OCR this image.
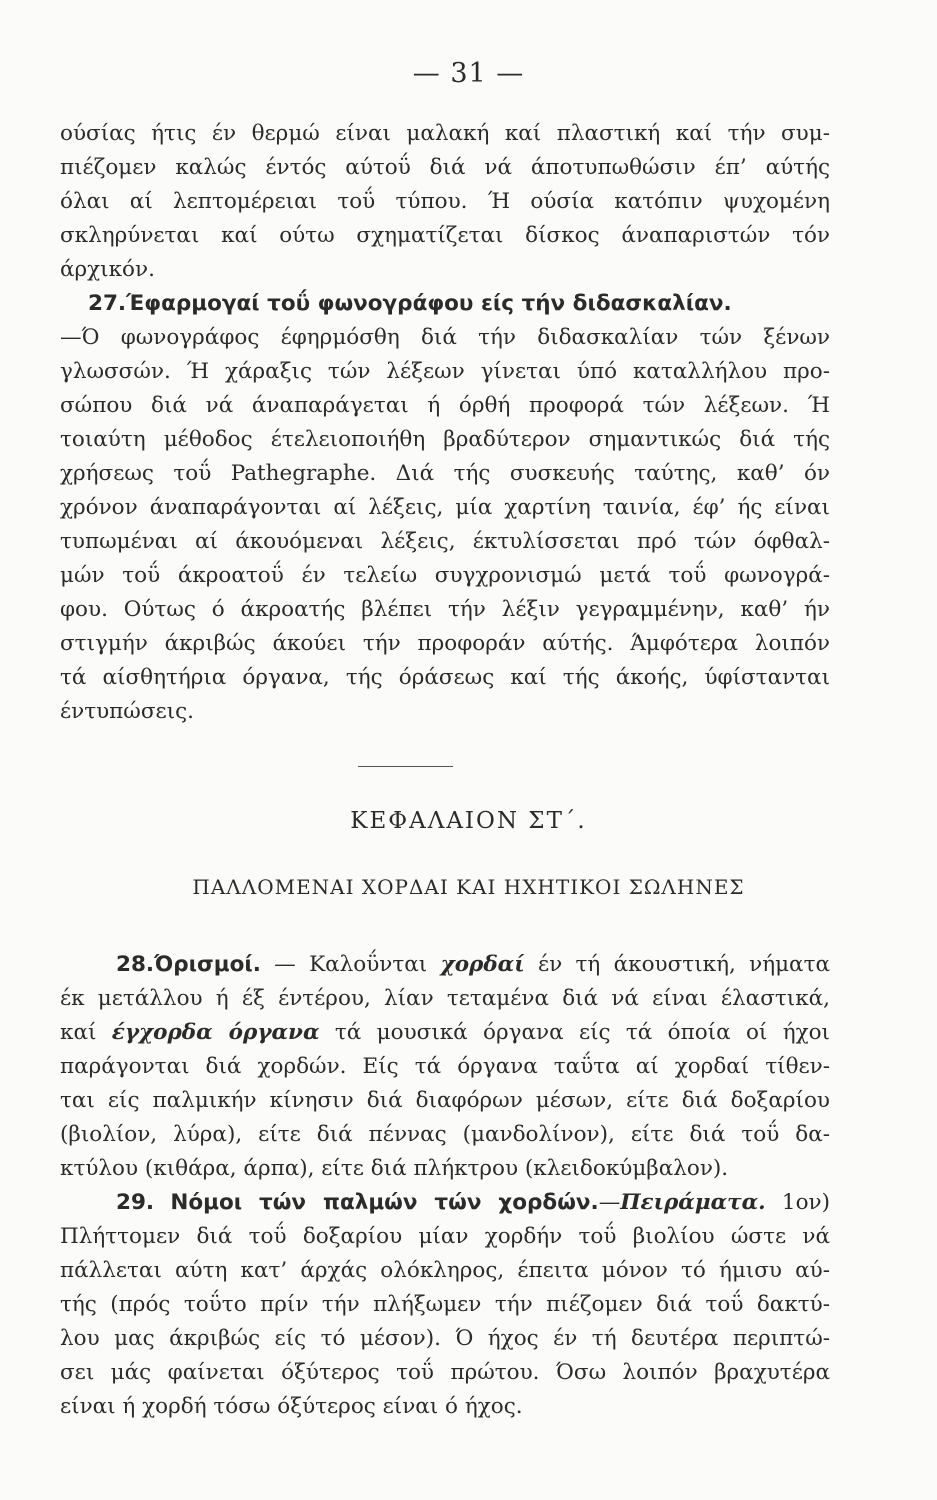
— 31 —
ούσίας ήτις έν θερμώ είναι μαλακή καί πλαστική καί τήν συμ-
πιέζομεν καλώς έντός αύτοΰ διά νά άποτυπωθώσιν έπ’ αύτής
όλαι αί λεπτομέρειαι τοΰ τύπου. Ή ούσία κατόπιν ψυχομένη
σκληρύνεται καί ούτω σχηματίζεται δίσκος άναπαριστών τόν
άρχικόν.
27.Έφαρμογαί τοΰ φωνογράφου είς τήν διδασκαλίαν.
—Ό φωνογράφος έφηρμόσθη διά τήν διδασκαλίαν τών ξένων
γλωσσών. Ή χάραξις τών λέξεων γίνεται ύπό καταλλήλου προ-
σώπου διά νά άναπαράγεται ή όρθή προφορά τών λέξεων. Ή
τοιαύτη μέθοδος έτελειοποιήθη βραδύτερον σημαντικώς διά τής
χρήσεως τοΰ Pathegraphe. Διά τής συσκευής ταύτης, καθ’ όν
χρόνον άναπαράγονται αί λέξεις, μία χαρτίνη ταινία, έφ’ ής είναι
τυπωμέναι αί άκουόμεναι λέξεις, έκτυλίσσεται πρό τών όφθαλ-
μών τοΰ άκροατοΰ έν τελείω συγχρονισμώ μετά τοΰ φωνογρά-
φου. Ούτως ό άκροατής βλέπει τήν λέξιν γεγραμμένην, καθ’ ήν
στιγμήν άκριβώς άκούει τήν προφοράν αύτής. Άμφότερα λοιπόν
τά αίσθητήρια όργανα, τής όράσεως καί τής άκοής, ύφίστανται
έντυπώσεις.
ΚΕΦΑΛΑΙΟΝ ΣΤ΄.
ΠΑΛΛΟΜΕΝΑΙ ΧΟΡΔΑΙ ΚΑΙ ΗΧΗΤΙΚΟΙ ΣΩΛΗΝΕΣ
28.Όρισμοί. — Καλοΰνται χορδαί έν τή άκουστική, νήματα
έκ μετάλλου ή έξ έντέρου, λίαν τεταμένα διά νά είναι έλαστικά,
καί έγχορδα όργανα τά μουσικά όργανα είς τά όποία οί ήχοι
παράγονται διά χορδών. Είς τά όργανα ταΰτα αί χορδαί τίθεν-
ται είς παλμικήν κίνησιν διά διαφόρων μέσων, είτε διά δοξαρίου
(βιολίον, λύρα), είτε διά πέννας (μανδολίνον), είτε διά τοΰ δα-
κτύλου (κιθάρα, άρπα), είτε διά πλήκτρου (κλειδοκύμβαλον).
29. Νόμοι τών παλμών τών χορδών.—Πειράματα. 1ον)
Πλήττομεν διά τοΰ δοξαρίου μίαν χορδήν τοΰ βιολίου ώστε νά
πάλλεται αύτη κατ’ άρχάς ολόκληρος, έπειτα μόνον τό ήμισυ αύ-
τής (πρός τοΰτο πρίν τήν πλήξωμεν τήν πιέζομεν διά τοΰ δακτύ-
λου μας άκριβώς είς τό μέσον). Ό ήχος έν τή δευτέρα περιπτώ-
σει μάς φαίνεται όξύτερος τοΰ πρώτου. Όσω λοιπόν βραχυτέρα
είναι ή χορδή τόσω όξύτερος είναι ό ήχος.
